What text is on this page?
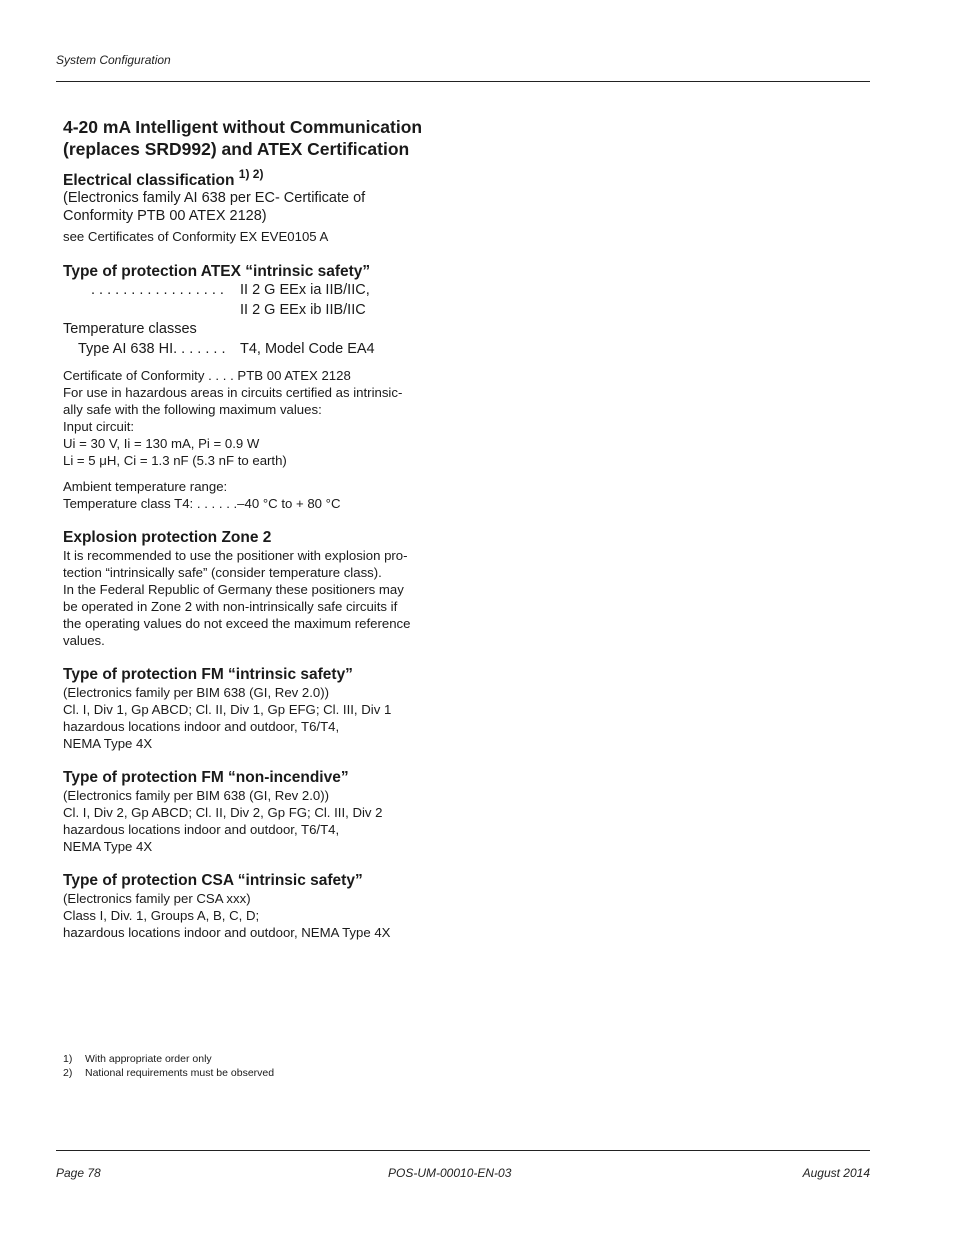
System Configuration

4-20 mA Intelligent without Communication

(replaces SRD992) and ATEX Certification

Electrical classification $^{1) 2)}$

(Electronics family AI 638 per EC- Certificate of

Conformity PTB 00 ATEX 2128)

see Certificates of Conformity EX EVE0105 A

Type of protection ATEX “intrinsic safety”

. . . . . . . . . . . . . . . . . II 2 G EEx ia IIB/IIC,
II 2 G EEx ib IIB/IIC
Temperature classes
Type AI 638 HI. . . . . . . T4, Model Code EA4

Certificate of Conformity . . . . PTB 00 ATEX 2128

For use in hazardous areas in circuits certified as intrinsic-

ally safe with the following maximum values:

Input circuit:

Ui = 30 V, Ii = 130 mA, Pi = 0.9 W

Li = 5 μH, Ci = 1.3 nF (5.3 nF to earth)

Ambient temperature range:

Temperature class T4: . . . . . .–40 °C to + 80 °C

Explosion protection Zone 2

It is recommended to use the positioner with explosion pro-

tection “intrinsically safe” (consider temperature class).

In the Federal Republic of Germany these positioners may

be operated in Zone 2 with non-intrinsically safe circuits if

the operating values do not exceed the maximum reference

values.

Type of protection FM “intrinsic safety”

(Electronics family per BIM 638 (GI, Rev 2.0))

Cl. I, Div 1, Gp ABCD; Cl. II, Div 1, Gp EFG; Cl. III, Div 1

hazardous locations indoor and outdoor, T6/T4,

NEMA Type 4X

Type of protection FM “non-incendive”

(Electronics family per BIM 638 (GI, Rev 2.0))

Cl. I, Div 2, Gp ABCD; Cl. II, Div 2, Gp FG; Cl. III, Div 2

hazardous locations indoor and outdoor, T6/T4,

NEMA Type 4X

Type of protection CSA “intrinsic safety”

(Electronics family per CSA xxx)

Class I, Div. 1, Groups A, B, C, D;

hazardous locations indoor and outdoor, NEMA Type 4X

1) With appropriate order only
2) National requirements must be observed
Page 78	POS-UM-00010-EN-03	August 2014
